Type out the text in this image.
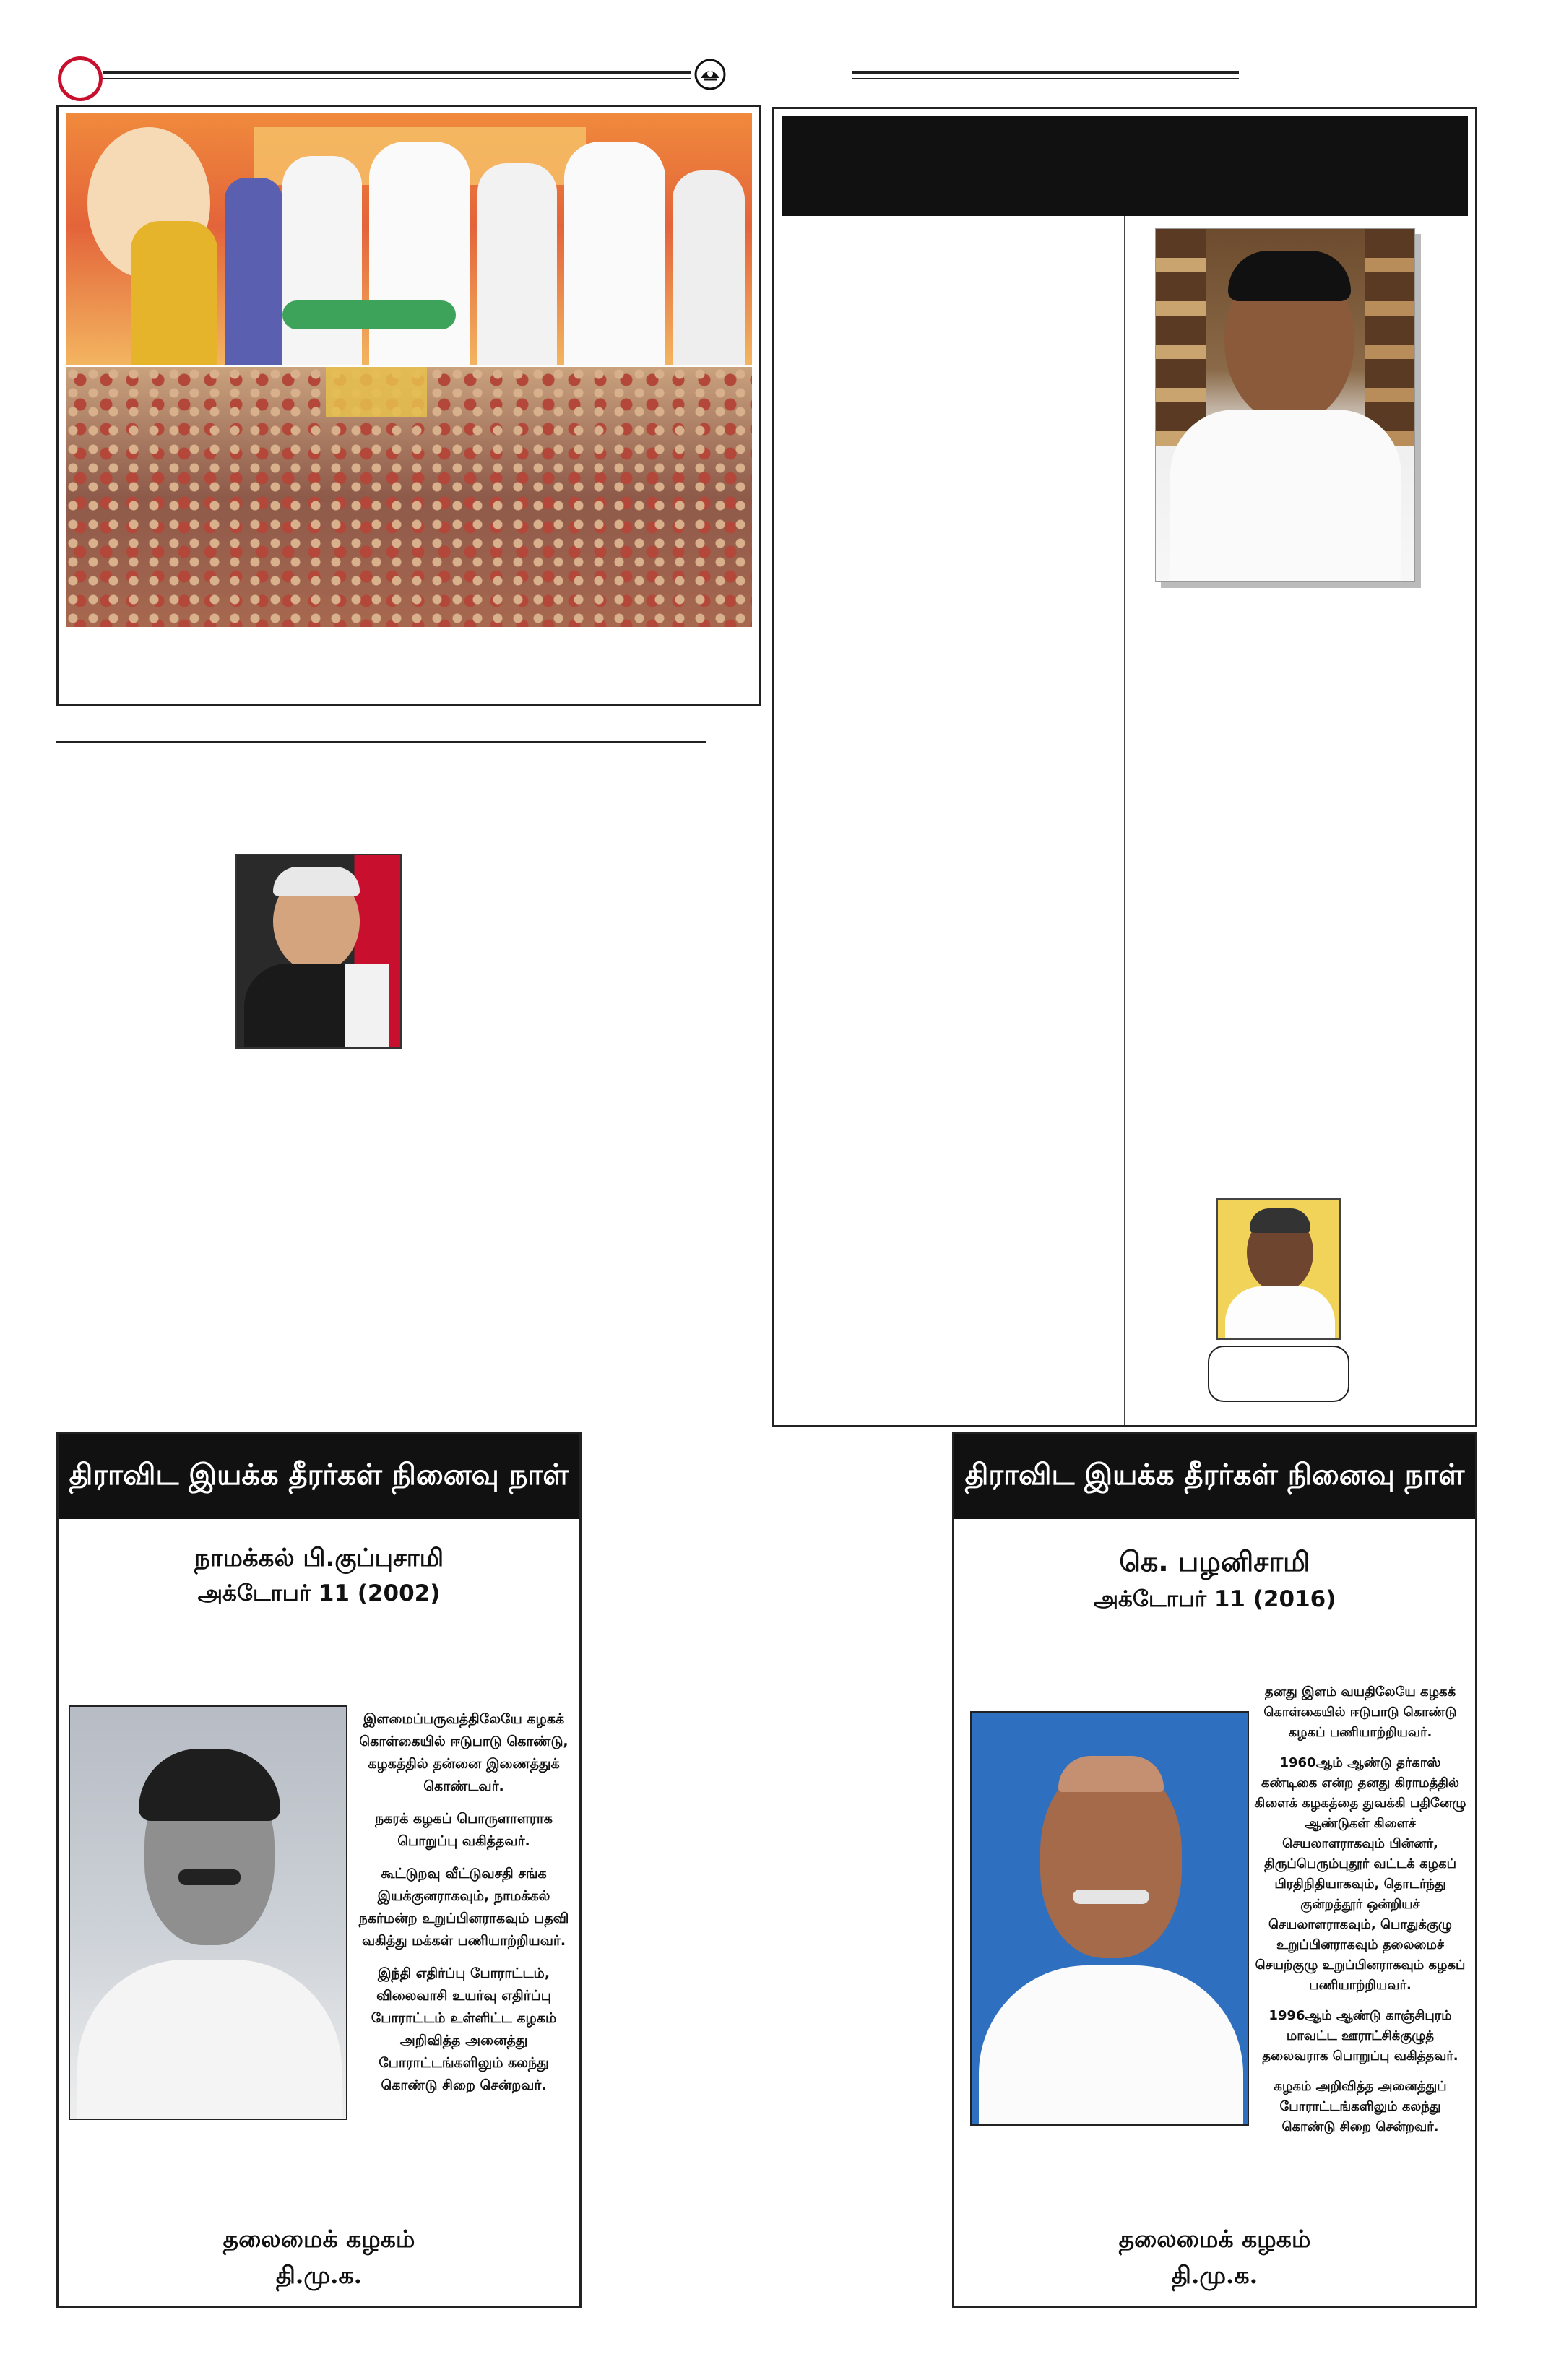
திராவிட இயக்க தீரர்கள் நினைவு நாள்
நாமக்கல் பி.குப்புசாமி
அக்டோபர் 11 (2002)

இளமைப்பருவத்திலேயே கழகக் கொள்கையில் ஈடுபாடு கொண்டு, கழகத்தில் தன்னை இணைத்துக் கொண்டவர்.

நகரக் கழகப் பொருளாளராக பொறுப்பு வகித்தவர்.

கூட்டுறவு வீட்டுவசதி சங்க இயக்குனராகவும், நாமக்கல் நகர்மன்ற உறுப்பினராகவும் பதவி வகித்து மக்கள் பணியாற்றியவர்.

இந்தி எதிர்ப்பு போராட்டம், விலைவாசி உயர்வு எதிர்ப்பு போராட்டம் உள்ளிட்ட கழகம் அறிவித்த அனைத்து போராட்டங்களிலும் கலந்து கொண்டு சிறை சென்றவர்.

தலைமைக் கழகம்
தி.மு.க.
திராவிட இயக்க தீரர்கள் நினைவு நாள்
கெ. பழனிசாமி
அக்டோபர் 11 (2016)

தனது இளம் வயதிலேயே கழகக் கொள்கையில் ஈடுபாடு கொண்டு கழகப் பணியாற்றியவர்.

1960ஆம் ஆண்டு தர்காஸ் கண்டிகை என்ற தனது கிராமத்தில் கிளைக் கழகத்தை துவக்கி பதினேழு ஆண்டுகள் கிளைச் செயலாளராகவும் பின்னர், திருப்பெரும்புதூர் வட்டக் கழகப் பிரதிநிதியாகவும், தொடர்ந்து குன்றத்தூர் ஒன்றியச் செயலாளராகவும், பொதுக்குழு உறுப்பினராகவும் தலைமைச் செயற்குழு உறுப்பினராகவும் கழகப் பணியாற்றியவர்.

1996ஆம் ஆண்டு காஞ்சிபுரம் மாவட்ட ஊராட்சிக்குழுத் தலைவராக பொறுப்பு வகித்தவர்.

கழகம் அறிவித்த அனைத்துப் போராட்டங்களிலும் கலந்து கொண்டு சிறை சென்றவர்.

தலைமைக் கழகம்
தி.மு.க.
